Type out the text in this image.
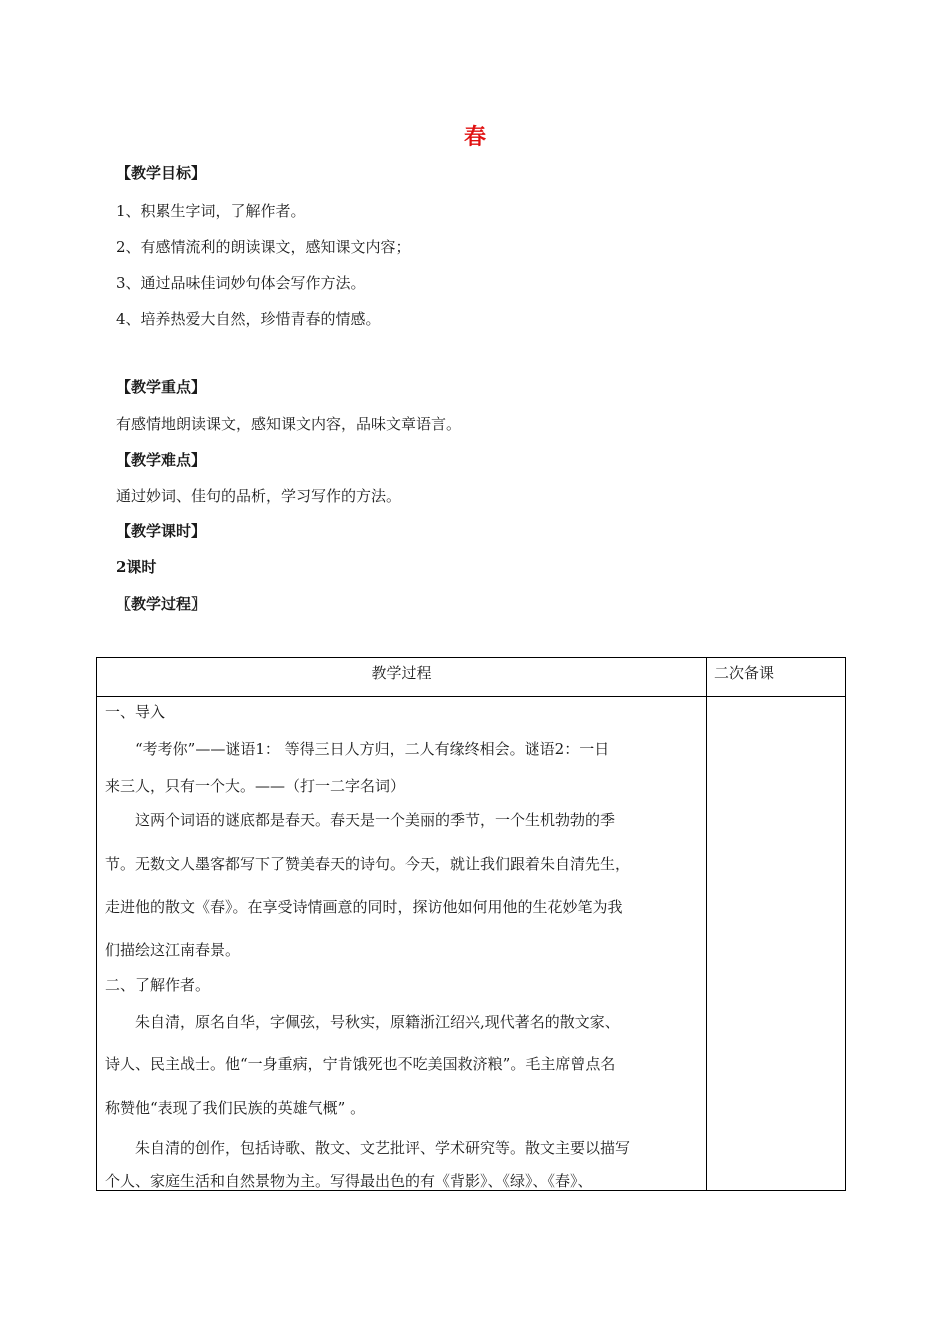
春
【教学目标】
1、积累生字词，了解作者。
2、有感情流利的朗读课文，感知课文内容；
3、通过品味佳词妙句体会写作方法。
4、培养热爱大自然，珍惜青春的情感。
【教学重点】
有感情地朗读课文，感知课文内容，品味文章语言。
【教学难点】
通过妙词、佳句的品析，学习写作的方法。
【教学课时】
2课时
〖教学过程〗
教学过程	二次备课
一、导入
　　“考考你”——谜语1： 等得三日人方归，二人有缘终相会。谜语2：一日
来三人，只有一个大。——（打一二字名词）
　　这两个词语的谜底都是春天。春天是一个美丽的季节，一个生机勃勃的季
节。无数文人墨客都写下了赞美春天的诗句。今天，就让我们跟着朱自清先生，
走进他的散文《春》。在享受诗情画意的同时，探访他如何用他的生花妙笔为我
们描绘这江南春景。
二、了解作者。
　　朱自清，原名自华，字佩弦，号秋实，原籍浙江绍兴,现代著名的散文家、
诗人、民主战士。他“一身重病，宁肯饿死也不吃美国救济粮”。毛主席曾点名
称赞他“表现了我们民族的英雄气概” 。
　　朱自清的创作，包括诗歌、散文、文艺批评、学术研究等。散文主要以描写
个人、家庭生活和自然景物为主。写得最出色的有《背影》、《绿》、《春》、
